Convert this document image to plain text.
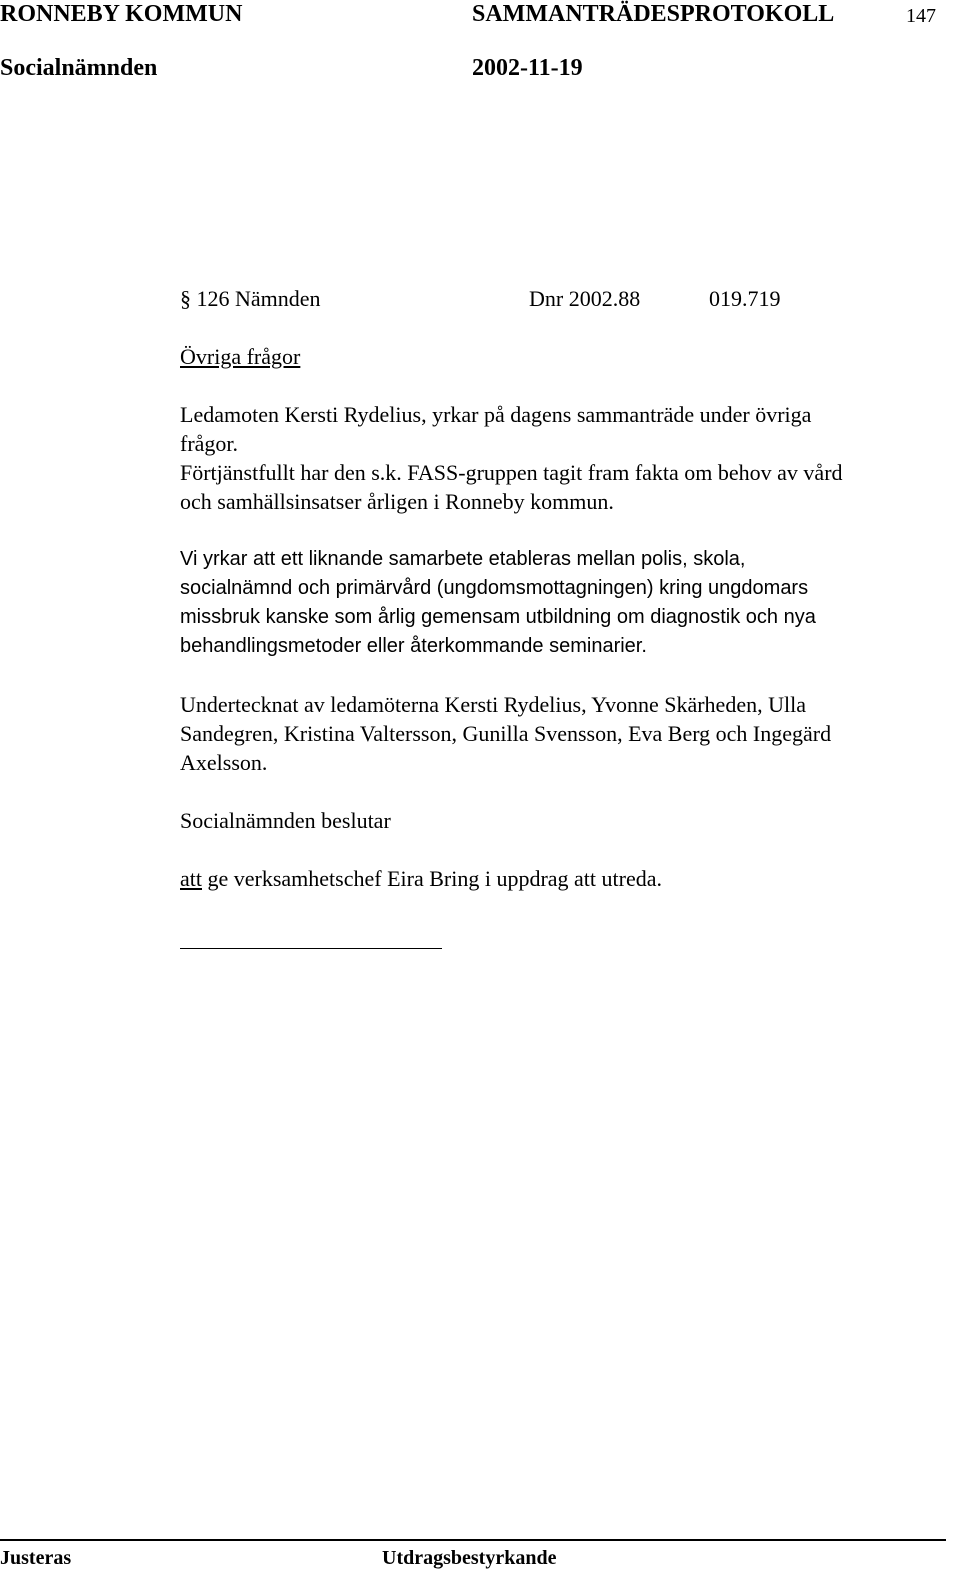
RONNEBY KOMMUN	SAMMANTRÄDESPROTOKOLL	147
Socialnämnden	2002-11-19
§ 126 Nämnden	Dnr 2002.88	019.719
Övriga frågor
Ledamoten Kersti Rydelius, yrkar på dagens sammanträde under övriga
frågor.
Förtjänstfullt har den s.k. FASS-gruppen tagit fram fakta om behov av vård
och samhällsinsatser årligen i Ronneby kommun.
Vi yrkar att ett liknande samarbete etableras mellan polis, skola,
socialnämnd och primärvård (ungdomsmottagningen) kring ungdomars
missbruk kanske som årlig gemensam utbildning om diagnostik och nya
behandlingsmetoder eller återkommande seminarier.
Undertecknat av ledamöterna Kersti Rydelius, Yvonne Skärheden, Ulla
Sandegren, Kristina Valtersson, Gunilla Svensson, Eva Berg och Ingegärd
Axelsson.
Socialnämnden beslutar
att ge verksamhetschef Eira Bring i uppdrag att utreda.
Justeras	Utdragsbestyrkande
